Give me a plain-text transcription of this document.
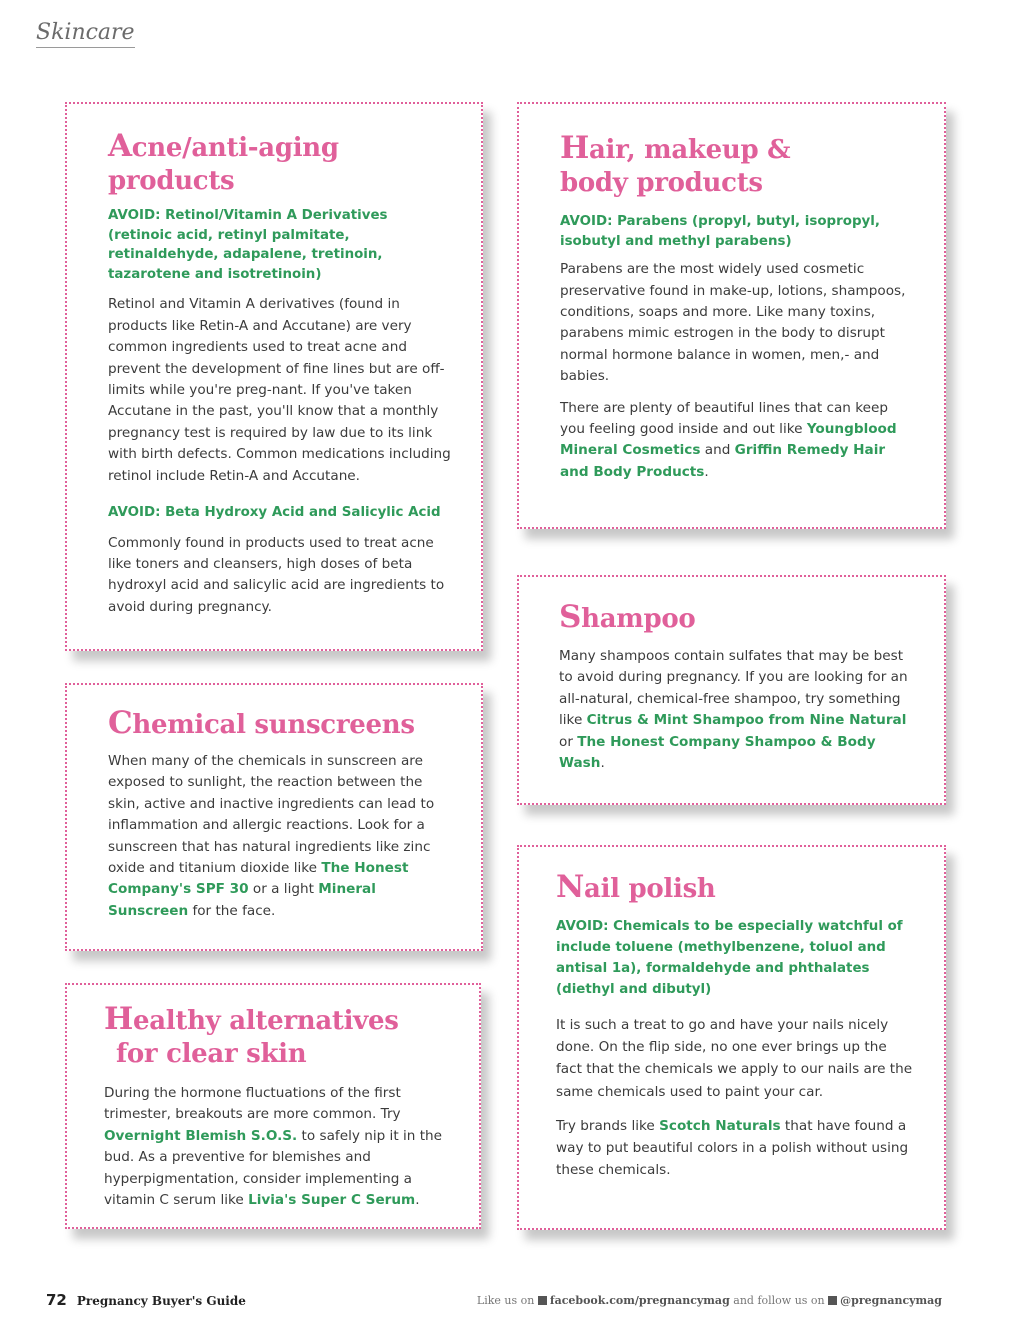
Skincare
Acne/anti-aging products

AVOID: Retinol/Vitamin A Derivatives (retinoic acid, retinyl palmitate, retinaldehyde, adapalene, tretinoin, tazarotene and isotretinoin)

Retinol and Vitamin A derivatives (found in products like Retin-A and Accutane) are very common ingredients used to treat acne and prevent the development of fine lines but are off-limits while you're preg-nant. If you've taken Accutane in the past, you'll know that a monthly pregnancy test is required by law due to its link with birth defects. Common medications including retinol include Retin-A and Accutane.

AVOID: Beta Hydroxy Acid and Salicylic Acid

Commonly found in products used to treat acne like toners and cleansers, high doses of beta hydroxyl acid and salicylic acid are ingredients to avoid during pregnancy.

Hair, makeup &
body products

AVOID: Parabens (propyl, butyl, isopropyl, isobutyl and methyl parabens)

Parabens are the most widely used cosmetic preservative found in make-up, lotions, shampoos, conditions, soaps and more. Like many toxins, parabens mimic estrogen in the body to disrupt normal hormone balance in women, men,- and babies.

There are plenty of beautiful lines that can keep you feeling good inside and out like Youngblood Mineral Cosmetics and Griffin Remedy Hair and Body Products.

Chemical sunscreens

When many of the chemicals in sunscreen are exposed to sunlight, the reaction between the skin, active and inactive ingredients can lead to inflammation and allergic reactions. Look for a sunscreen that has natural ingredients like zinc oxide and titanium dioxide like The Honest Company's SPF 30 or a light Mineral Sunscreen for the face.

Shampoo

Many shampoos contain sulfates that may be best to avoid during pregnancy. If you are looking for an all-natural, chemical-free shampoo, try something like Citrus & Mint Shampoo from Nine Natural or The Honest Company Shampoo & Body Wash.

Healthy alternatives
for clear skin

During the hormone fluctuations of the first trimester, breakouts are more common. Try Overnight Blemish S.O.S. to safely nip it in the bud. As a preventive for blemishes and hyperpigmentation, consider implementing a vitamin C serum like Livia's Super C Serum.

Nail polish

AVOID: Chemicals to be especially watchful of include toluene (methylbenzene, toluol and antisal 1a), formaldehyde and phthalates (diethyl and dibutyl)

It is such a treat to go and have your nails nicely done. On the flip side, no one ever brings up the fact that the chemicals we apply to our nails are the same chemicals used to paint your car.

Try brands like Scotch Naturals that have found a way to put beautiful colors in a polish without using these chemicals.

72 Pregnancy Buyer's Guide	Like us on facebook.com/pregnancymag and follow us on @pregnancymag
